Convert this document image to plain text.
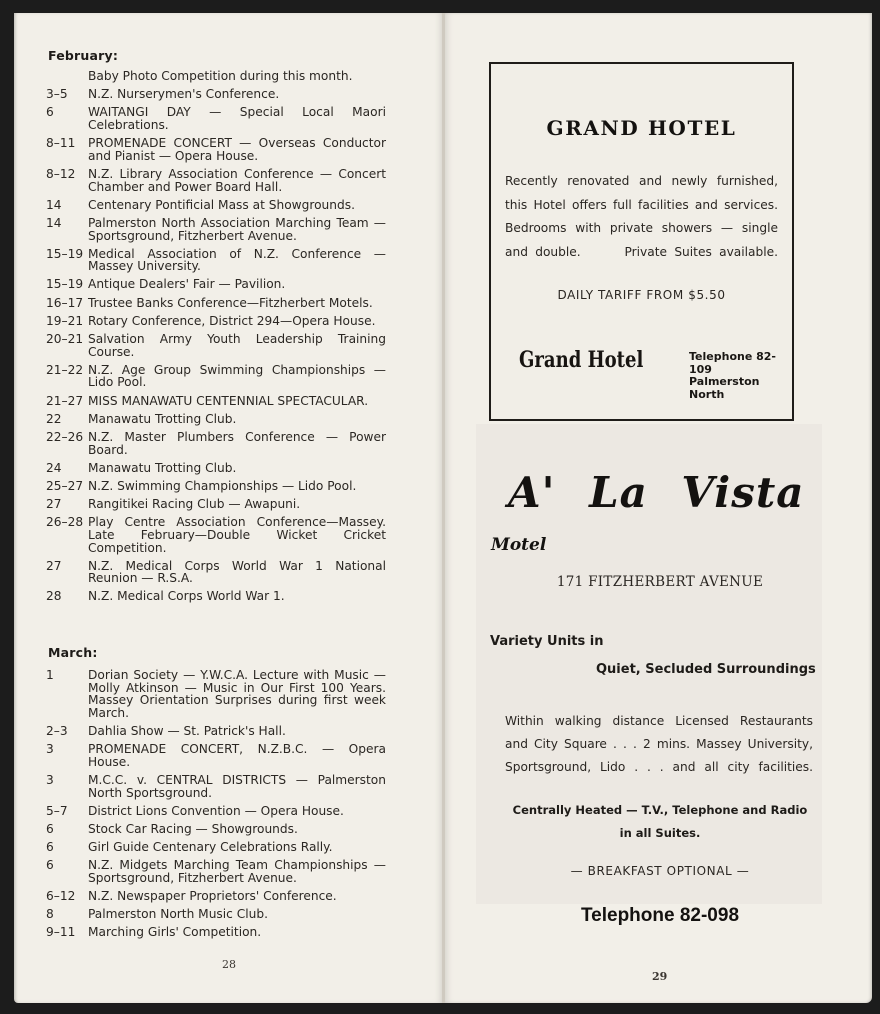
February:
Baby Photo Competition during this month.
3–5	N.Z. Nurserymen's Conference.
6	WAITANGI DAY — Special Local Maori Celebrations.
8–11	PROMENADE CONCERT — Overseas Conductor and Pianist — Opera House.
8–12	N.Z. Library Association Conference — Concert Chamber and Power Board Hall.
14	Centenary Pontificial Mass at Showgrounds.
14	Palmerston North Association Marching Team —Sportsground, Fitzherbert Avenue.
15–19 Medical Association of N.Z. Conference — Massey University.
15–19 Antique Dealers' Fair — Pavilion.
16–17 Trustee Banks Conference—Fitzherbert Motels.
19–21 Rotary Conference, District 294—Opera House.
20–21 Salvation Army Youth Leadership Training Course.
21–22 N.Z. Age Group Swimming Championships — Lido Pool.
21–27 MISS MANAWATU CENTENNIAL SPECTACULAR.
22	Manawatu Trotting Club.
22–26 N.Z. Master Plumbers Conference — Power Board.
24	Manawatu Trotting Club.
25–27 N.Z. Swimming Championships — Lido Pool.
27	Rangitikei Racing Club — Awapuni.
26–28 Play Centre Association Conference—Massey. Late February—Double Wicket Cricket Competition.
27	N.Z. Medical Corps World War 1 National Reunion — R.S.A.
28	N.Z. Medical Corps World War 1.
March:
1	Dorian Society — Y.W.C.A. Lecture with Music — Molly Atkinson — Music in Our First 100 Years. Massey Orientation Surprises during first week March.
2–3	Dahlia Show — St. Patrick's Hall.
3	PROMENADE CONCERT, N.Z.B.C. — Opera House.
3	M.C.C. v. CENTRAL DISTRICTS — Palmerston North Sportsground.
5–7	District Lions Convention — Opera House.
6	Stock Car Racing — Showgrounds.
6	Girl Guide Centenary Celebrations Rally.
6	N.Z. Midgets Marching Team Championships — Sportsground, Fitzherbert Avenue.
6–12	N.Z. Newspaper Proprietors' Conference.
8	Palmerston North Music Club.
9–11	Marching Girls' Competition.
28
GRAND HOTEL
Recently renovated and newly furnished,
this Hotel offers full facilities and services.
Bedrooms with private showers — single
and double.      Private Suites available.
DAILY TARIFF FROM $5.50
Grand Hotel	Telephone 82-109
Palmerston North
A' La Vista
Motel
171 FITZHERBERT AVENUE
Variety Units in
Quiet, Secluded Surroundings
Within walking distance Licensed Restaurants
and City Square . . . 2 mins. Massey University,
Sportsground, Lido . . . and all city facilities.
Centrally Heated — T.V., Telephone and Radio
in all Suites.
— BREAKFAST OPTIONAL —
Telephone 82-098
29
